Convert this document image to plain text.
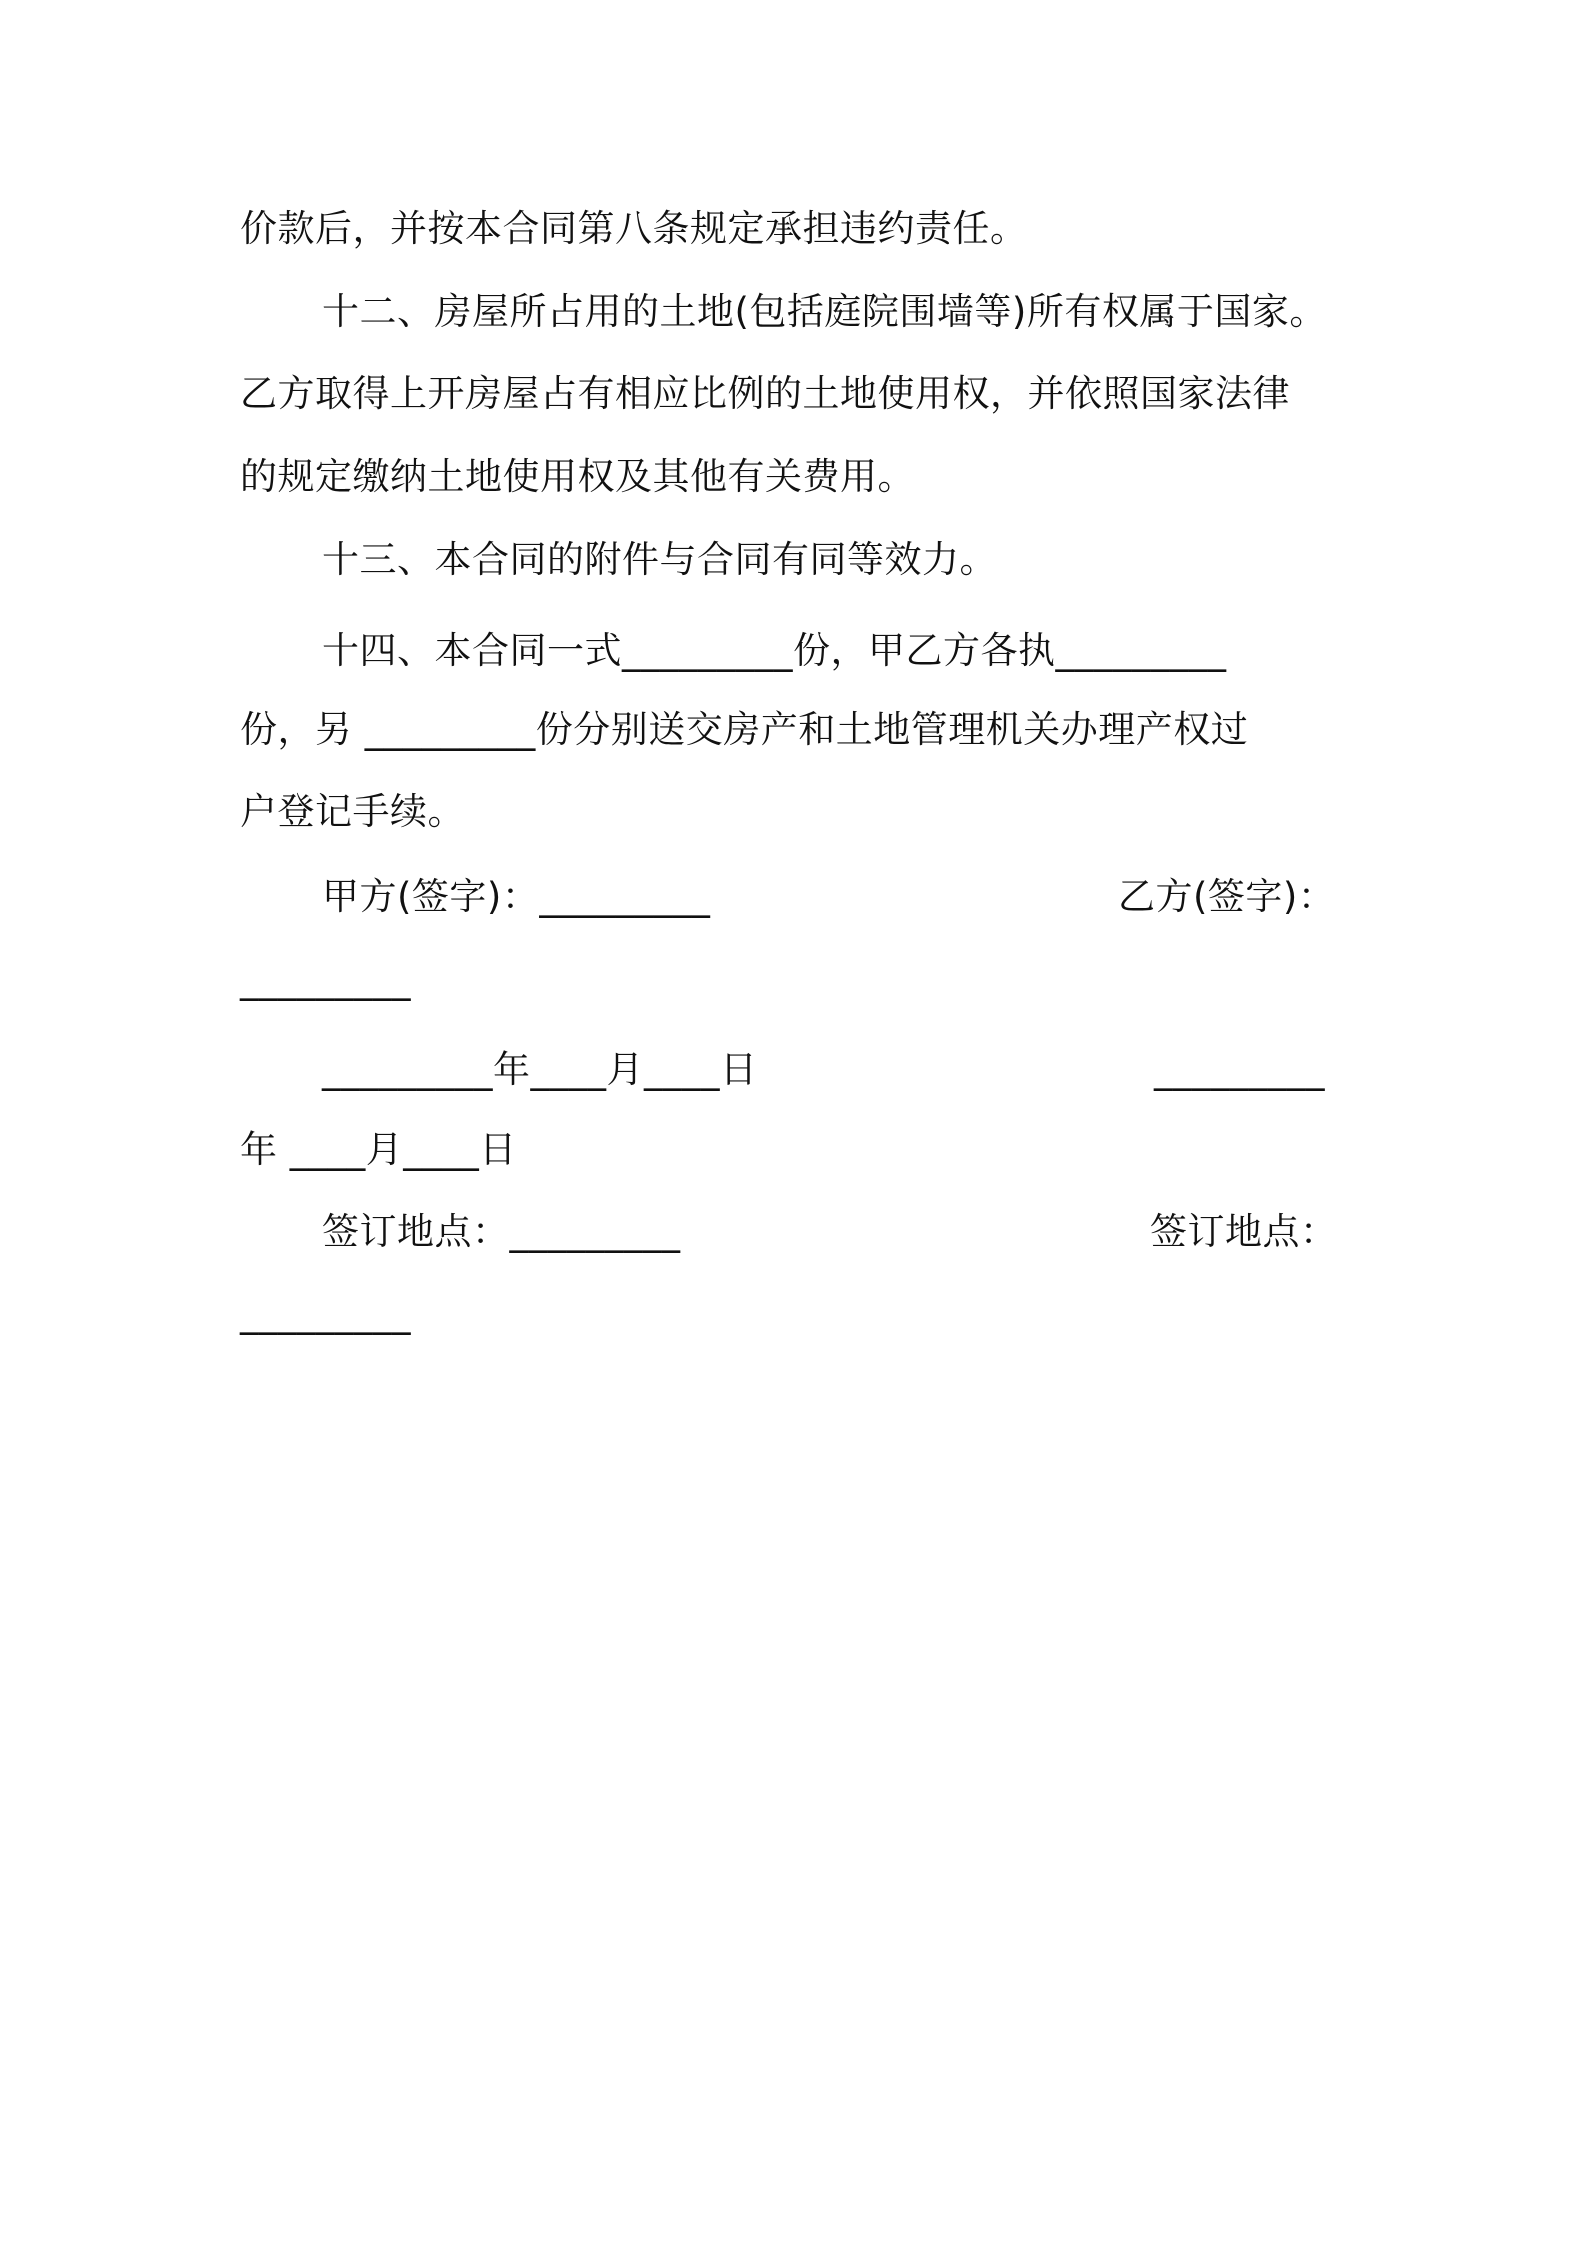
价款后，并按本合同第八条规定承担违约责任。
十二、房屋所占用的土地(包括庭院围墙等)所有权属于国家。
乙方取得上开房屋占有相应比例的土地使用权，并依照国家法律
的规定缴纳土地使用权及其他有关费用。
十三、本合同的附件与合同有同等效力。
十四、本合同一式_________份，甲乙方各执_________
份，另 _________份分别送交房产和土地管理机关办理产权过
户登记手续。
甲方(签字)：_________	乙方(签字)：
_________
_________年____月____日	_________
年 ____月____日
签订地点：_________	签订地点：
_________
